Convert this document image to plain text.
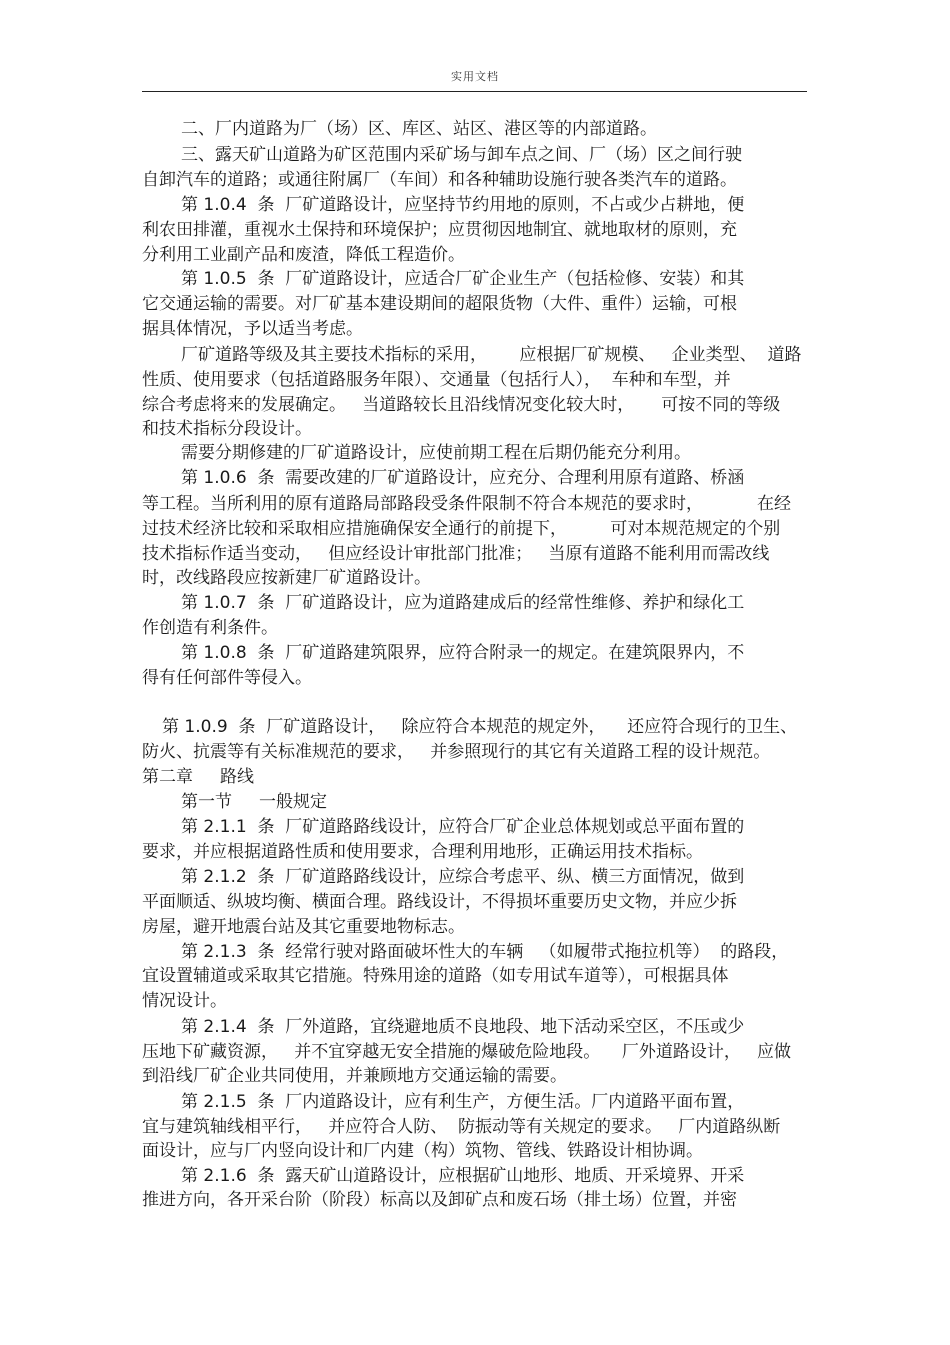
实用文档
二、厂内道路为厂（场）区、库区、站区、港区等的内部道路。
三、露天矿山道路为矿区范围内采矿场与卸车点之间、厂（场）区之间行驶
自卸汽车的道路；或通往附属厂（车间）和各种辅助设施行驶各类汽车的道路。
第 1.0.4  条  厂矿道路设计，应坚持节约用地的原则，不占或少占耕地，便
利农田排灌，重视水土保持和环境保护；应贯彻因地制宜、就地取材的原则，充
分利用工业副产品和废渣，降低工程造价。
第 1.0.5  条  厂矿道路设计，应适合厂矿企业生产（包括检修、安装）和其
它交通运输的需要。对厂矿基本建设期间的超限货物（大件、重件）运输，可根
据具体情况，予以适当考虑。
厂矿道路等级及其主要技术指标的采用，      应根据厂矿规模、   企业类型、  道路
性质、使用要求（包括道路服务年限）、交通量（包括行人），  车种和车型，并
综合考虑将来的发展确定。   当道路较长且沿线情况变化较大时，     可按不同的等级
和技术指标分段设计。
需要分期修建的厂矿道路设计，应使前期工程在后期仍能充分利用。
第 1.0.6  条  需要改建的厂矿道路设计，应充分、合理利用原有道路、桥涵
等工程。当所利用的原有道路局部路段受条件限制不符合本规范的要求时，          在经
过技术经济比较和采取相应措施确保安全通行的前提下，        可对本规范规定的个别
技术指标作适当变动，   但应经设计审批部门批准；   当原有道路不能利用而需改线
时，改线路段应按新建厂矿道路设计。
第 1.0.7  条  厂矿道路设计，应为道路建成后的经常性维修、养护和绿化工
作创造有利条件。
第 1.0.8  条  厂矿道路建筑限界，应符合附录一的规定。在建筑限界内，不
得有任何部件等侵入。
第 1.0.9  条  厂矿道路设计，   除应符合本规范的规定外，    还应符合现行的卫生、
防火、抗震等有关标准规范的要求，   并参照现行的其它有关道路工程的设计规范。
第二章     路线
第一节     一般规定
第 2.1.1  条  厂矿道路路线设计，应符合厂矿企业总体规划或总平面布置的
要求，并应根据道路性质和使用要求，合理利用地形，正确运用技术指标。
第 2.1.2  条  厂矿道路路线设计，应综合考虑平、纵、横三方面情况，做到
平面顺适、纵坡均衡、横面合理。路线设计，不得损坏重要历史文物，并应少拆
房屋，避开地震台站及其它重要地物标志。
第 2.1.3  条  经常行驶对路面破坏性大的车辆   （如履带式拖拉机等）  的路段，
宜设置辅道或采取其它措施。特殊用途的道路（如专用试车道等），可根据具体
情况设计。
第 2.1.4  条  厂外道路，宜绕避地质不良地段、地下活动采空区，不压或少
压地下矿藏资源，   并不宜穿越无安全措施的爆破危险地段。    厂外道路设计，   应做
到沿线厂矿企业共同使用，并兼顾地方交通运输的需要。
第 2.1.5  条  厂内道路设计，应有利生产，方便生活。厂内道路平面布置，
宜与建筑轴线相平行，   并应符合人防、  防振动等有关规定的要求。   厂内道路纵断
面设计，应与厂内竖向设计和厂内建（构）筑物、管线、铁路设计相协调。
第 2.1.6  条  露天矿山道路设计，应根据矿山地形、地质、开采境界、开采
推进方向，各开采台阶（阶段）标高以及卸矿点和废石场（排土场）位置，并密
